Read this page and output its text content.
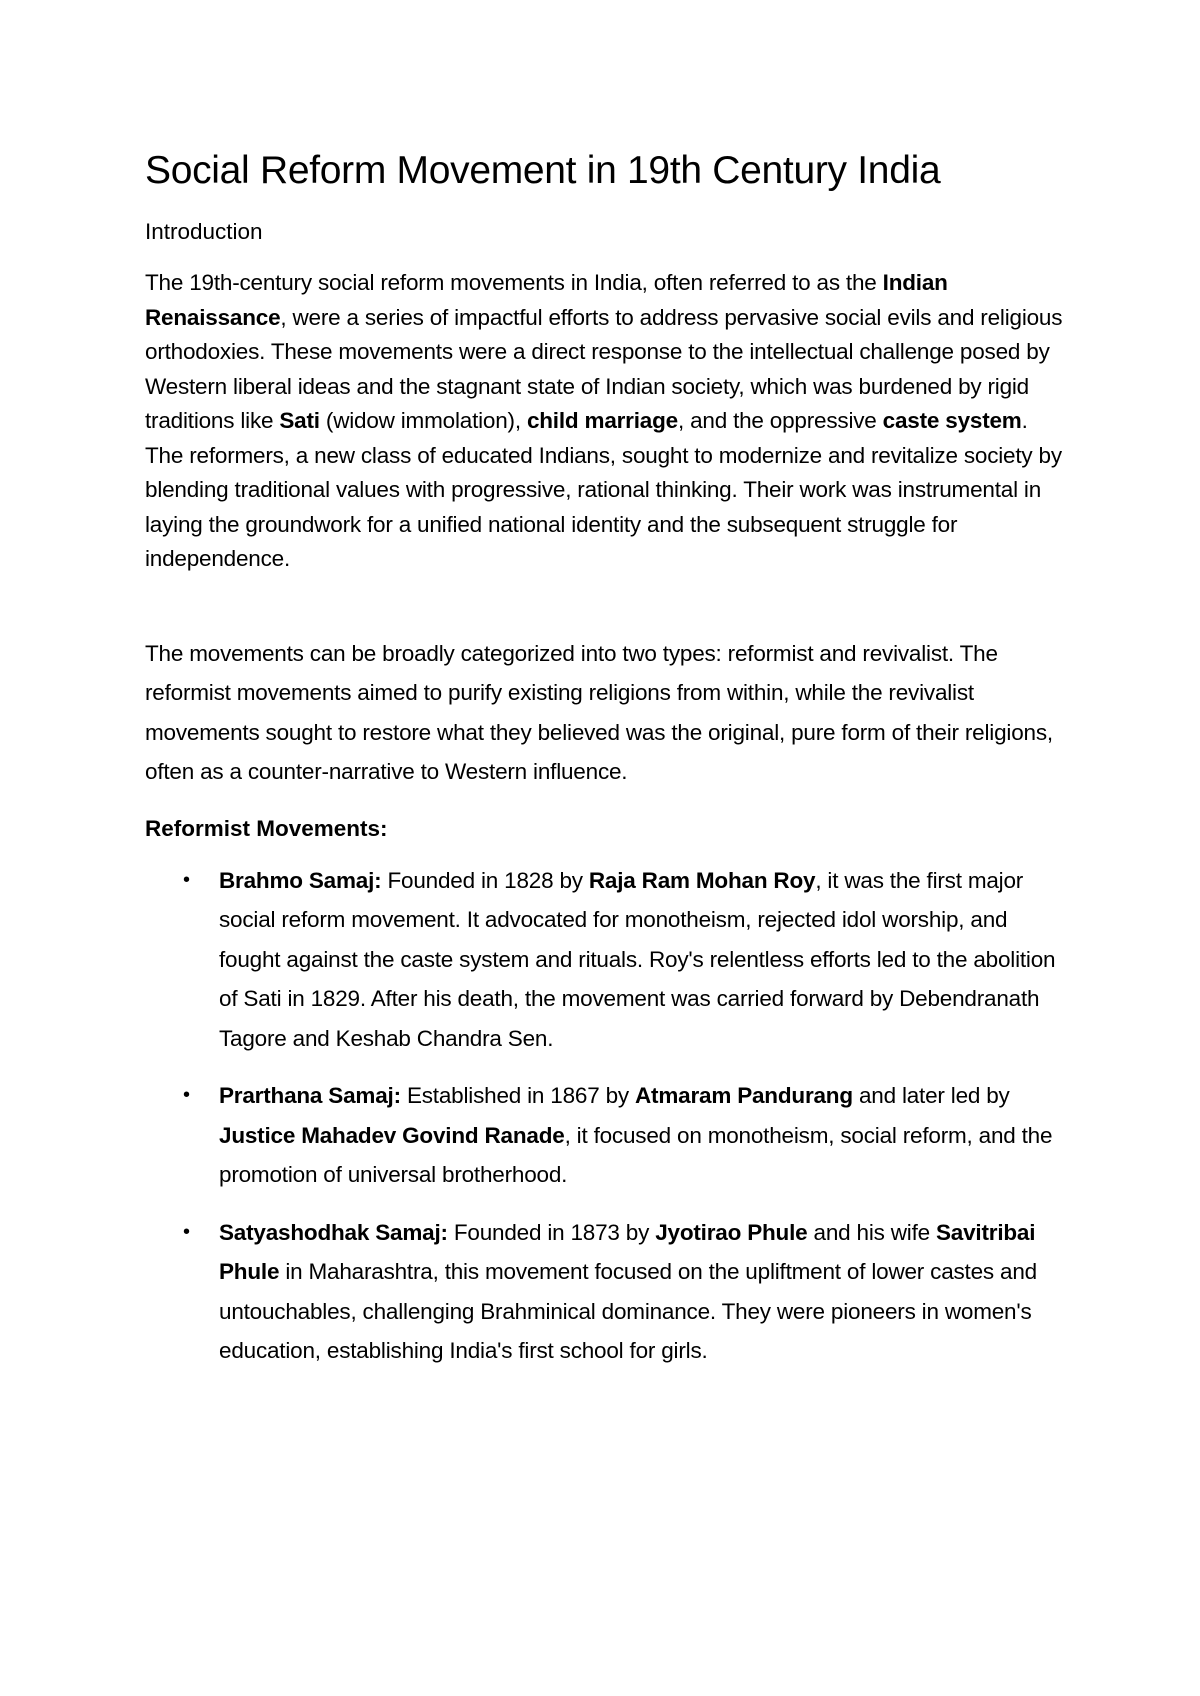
Social Reform Movement in 19th Century India

Introduction

The 19th-century social reform movements in India, often referred to as the Indian Renaissance, were a series of impactful efforts to address pervasive social evils and religious orthodoxies. These movements were a direct response to the intellectual challenge posed by Western liberal ideas and the stagnant state of Indian society, which was burdened by rigid traditions like Sati (widow immolation), child marriage, and the oppressive caste system. The reformers, a new class of educated Indians, sought to modernize and revitalize society by blending traditional values with progressive, rational thinking. Their work was instrumental in laying the groundwork for a unified national identity and the subsequent struggle for independence.

The movements can be broadly categorized into two types: reformist and revivalist. The reformist movements aimed to purify existing religions from within, while the revivalist movements sought to restore what they believed was the original, pure form of their religions, often as a counter-narrative to Western influence.

Reformist Movements:

• Brahmo Samaj: Founded in 1828 by Raja Ram Mohan Roy, it was the first major social reform movement. It advocated for monotheism, rejected idol worship, and fought against the caste system and rituals. Roy's relentless efforts led to the abolition of Sati in 1829. After his death, the movement was carried forward by Debendranath Tagore and Keshab Chandra Sen.
• Prarthana Samaj: Established in 1867 by Atmaram Pandurang and later led by Justice Mahadev Govind Ranade, it focused on monotheism, social reform, and the promotion of universal brotherhood.
• Satyashodhak Samaj: Founded in 1873 by Jyotirao Phule and his wife Savitribai Phule in Maharashtra, this movement focused on the upliftment of lower castes and untouchables, challenging Brahminical dominance. They were pioneers in women's education, establishing India's first school for girls.
